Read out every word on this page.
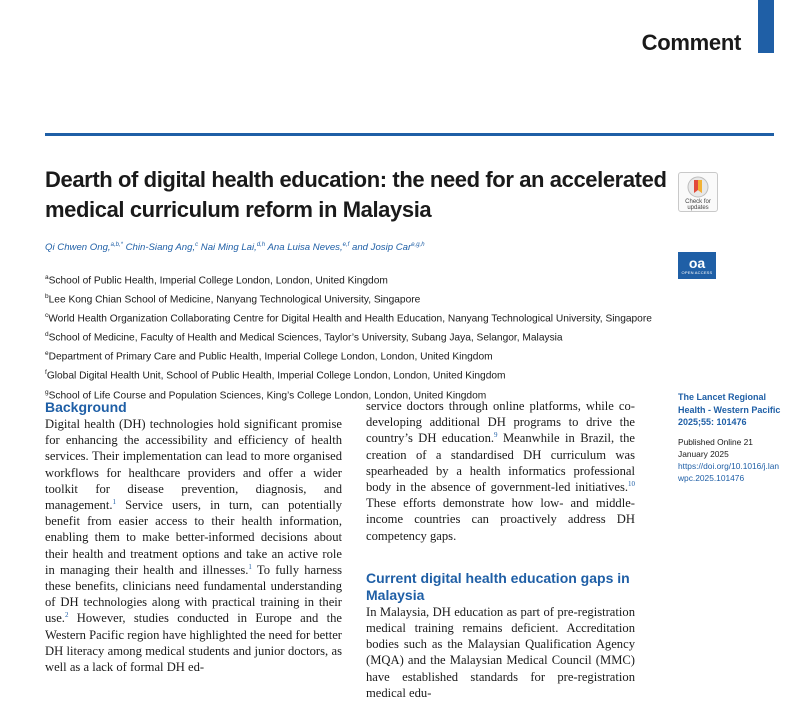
Comment
Dearth of digital health education: the need for an accelerated medical curriculum reform in Malaysia	Check for updates
oa
OPEN ACCESS
Qi Chwen Ong,$^{a,b,*}$ Chin-Siang Ang,$^c$ Nai Ming Lai,$^{d,h}$ Ana Luisa Neves,$^{e,f}$ and Josip Car$^{e,g,h}$
$^a$School of Public Health, Imperial College London, London, United Kingdom
$^b$Lee Kong Chian School of Medicine, Nanyang Technological University, Singapore
$^c$World Health Organization Collaborating Centre for Digital Health and Health Education, Nanyang Technological University, Singapore
$^d$School of Medicine, Faculty of Health and Medical Sciences, Taylor’s University, Subang Jaya, Selangor, Malaysia
$^e$Department of Primary Care and Public Health, Imperial College London, London, United Kingdom
$^f$Global Digital Health Unit, School of Public Health, Imperial College London, London, United Kingdom
$^g$School of Life Course and Population Sciences, King’s College London, London, United Kingdom
Background

Digital health (DH) technologies hold significant promise for enhancing the accessibility and efficiency of health services. Their implementation can lead to more organised workflows for healthcare providers and offer a wider toolkit for disease prevention, diagnosis, and management.$^1$ Service users, in turn, can potentially benefit from easier access to their health information, enabling them to make better-informed decisions about their health and treatment options and take an active role in managing their health and illnesses.$^1$ To fully harness these benefits, clinicians need fundamental understanding of DH technologies along with practical training in their use.$^2$ However, studies conducted in Europe and the Western Pacific region have highlighted the need for better DH literacy among medical students and junior doctors, as well as a lack of formal DH ed-

service doctors through online platforms, while co-developing additional DH programs to drive the country’s DH education.$^9$ Meanwhile in Brazil, the creation of a standardised DH curriculum was spearheaded by a health informatics professional body in the absence of government-led initiatives.$^{10}$ These efforts demonstrate how low- and middle-income countries can proactively address DH competency gaps.

Current digital health education gaps in Malaysia

In Malaysia, DH education as part of pre-registration medical training remains deficient. Accreditation bodies such as the Malaysian Qualification Agency (MQA) and the Malaysian Medical Council (MMC) have established standards for pre-registration medical edu-

The Lancet Regional Health - Western Pacific 2025;55: 101476

Published Online 21 January 2025

https://doi.org/10.1016/j.lanwpc.2025.101476
